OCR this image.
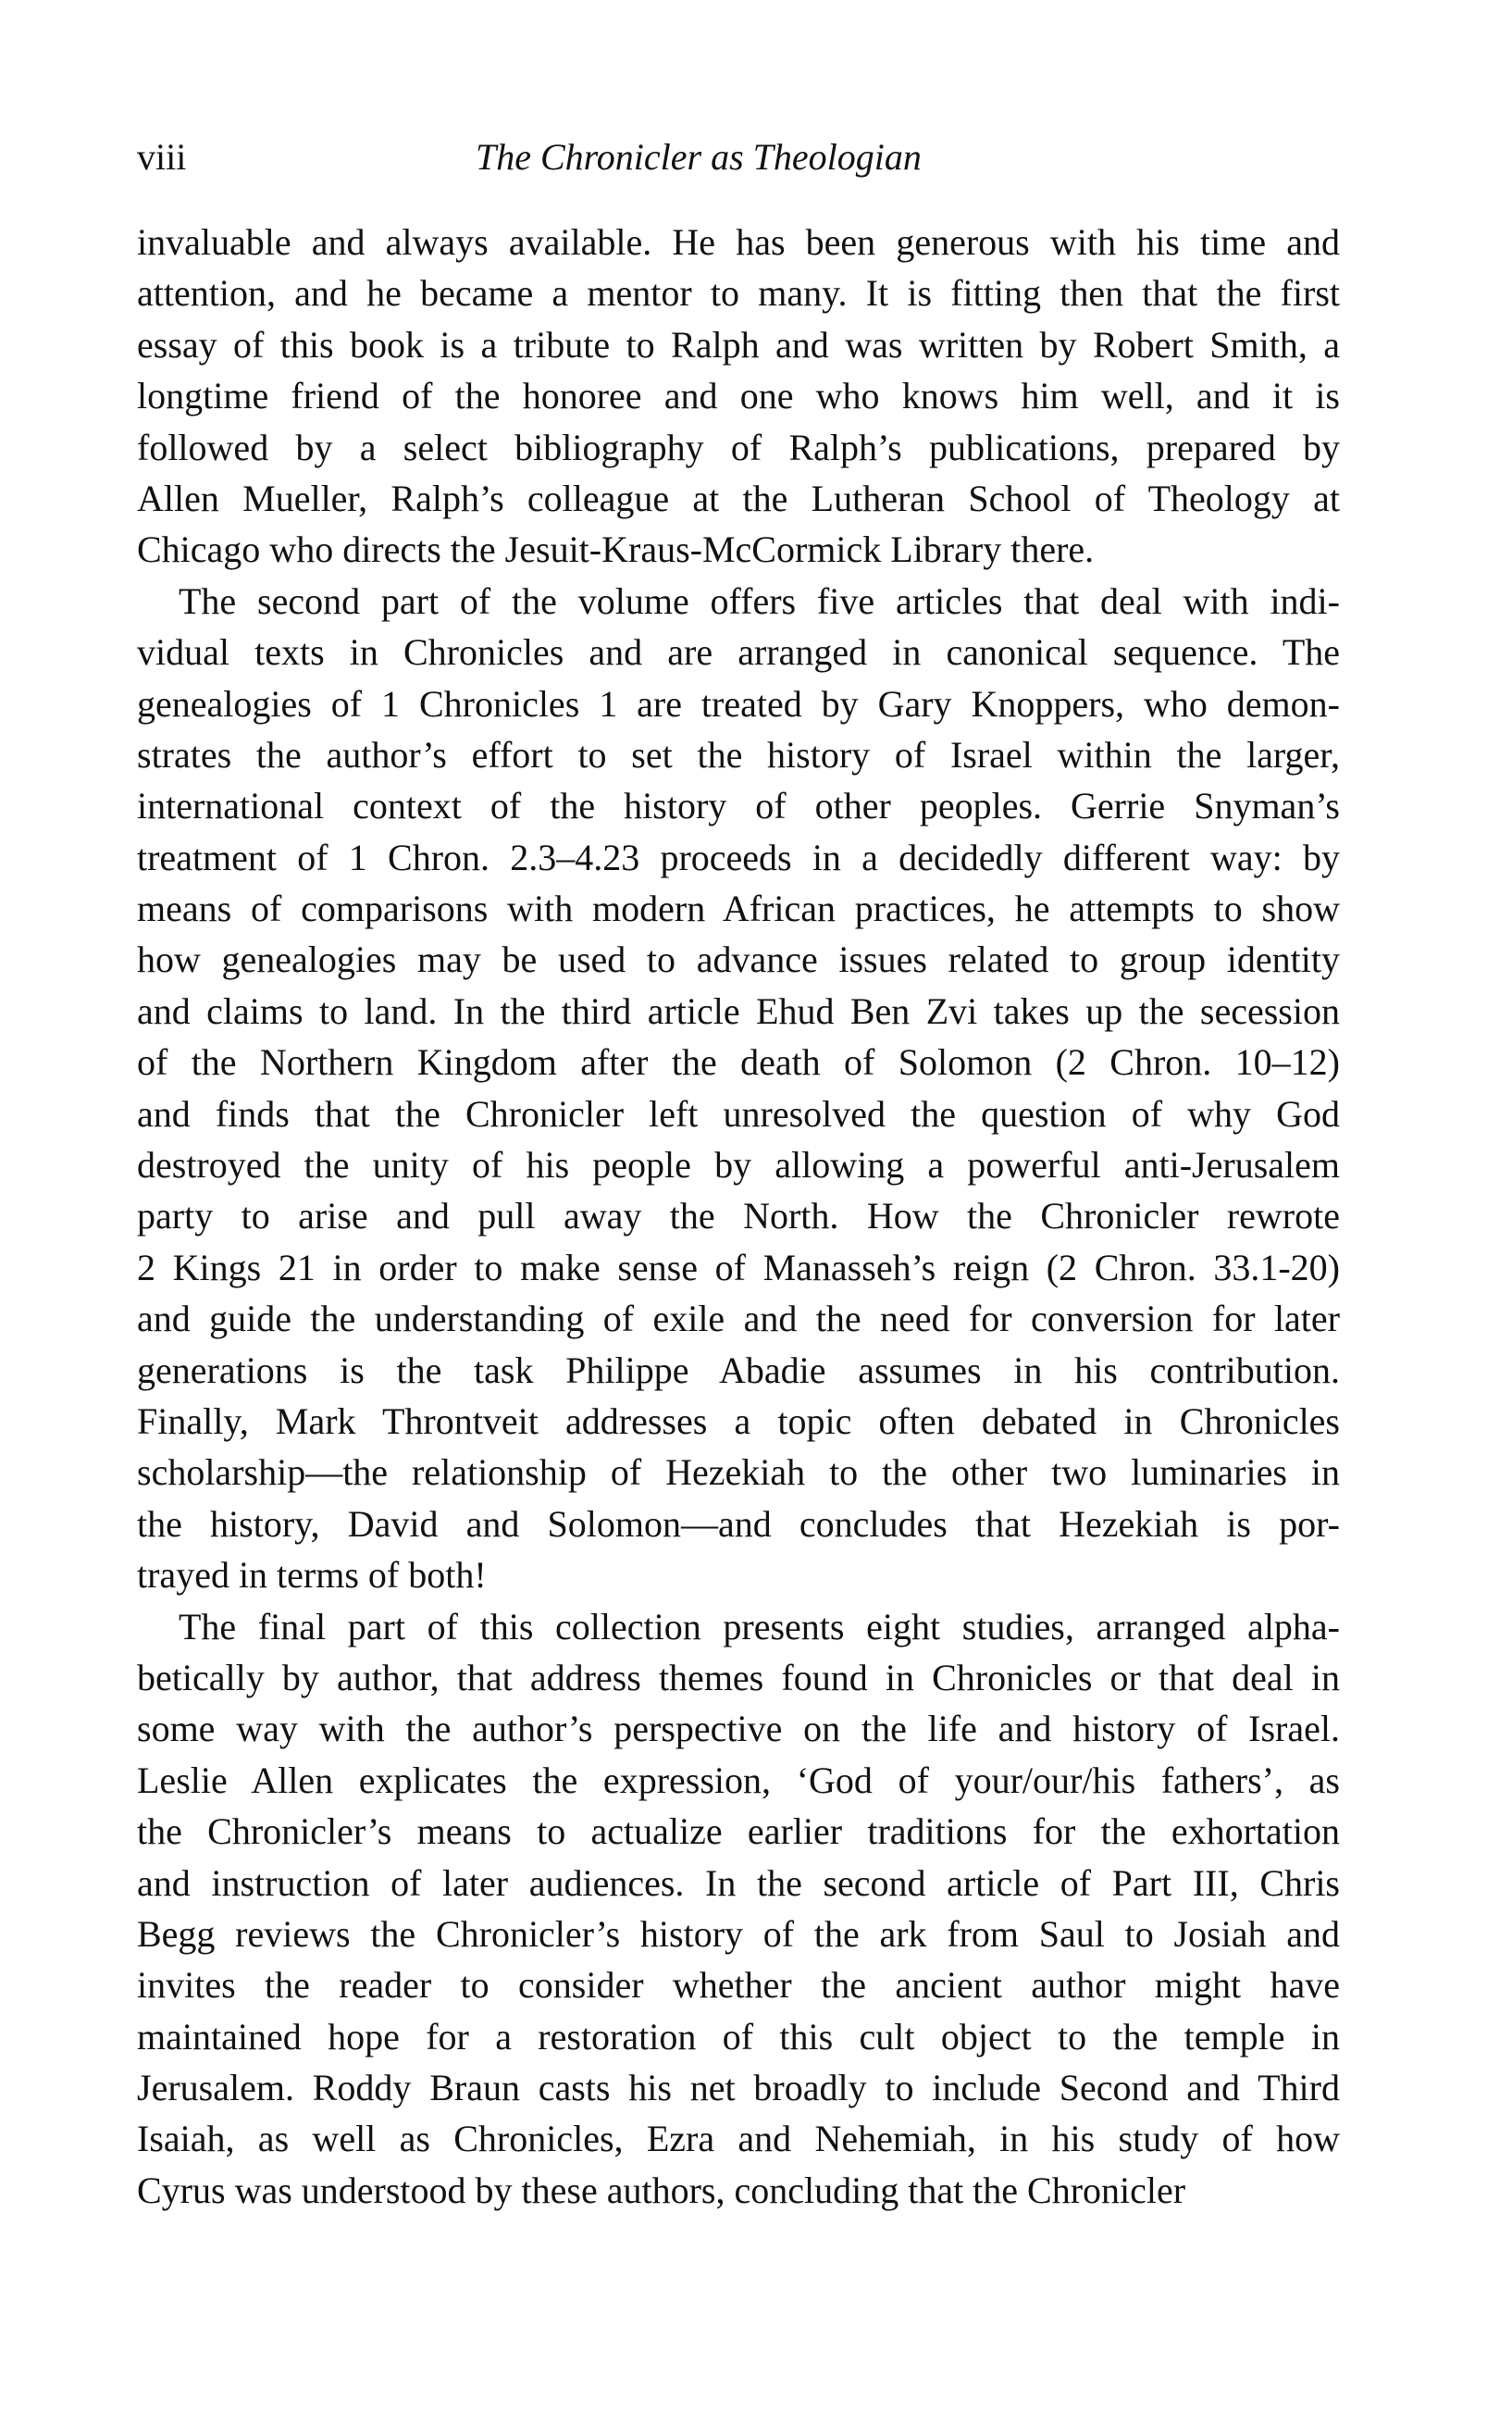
viii	The Chronicler as Theologian
invaluable and always available. He has been generous with his time and
attention, and he became a mentor to many. It is fitting then that the first
essay of this book is a tribute to Ralph and was written by Robert Smith, a
longtime friend of the honoree and one who knows him well, and it is
followed by a select bibliography of Ralph’s publications, prepared by
Allen Mueller, Ralph’s colleague at the Lutheran School of Theology at
Chicago who directs the Jesuit-Kraus-McCormick Library there.
The second part of the volume offers five articles that deal with indi-
vidual texts in Chronicles and are arranged in canonical sequence. The
genealogies of 1 Chronicles 1 are treated by Gary Knoppers, who demon-
strates the author’s effort to set the history of Israel within the larger,
international context of the history of other peoples. Gerrie Snyman’s
treatment of 1 Chron. 2.3–4.23 proceeds in a decidedly different way: by
means of comparisons with modern African practices, he attempts to show
how genealogies may be used to advance issues related to group identity
and claims to land. In the third article Ehud Ben Zvi takes up the secession
of the Northern Kingdom after the death of Solomon (2 Chron. 10–12)
and finds that the Chronicler left unresolved the question of why God
destroyed the unity of his people by allowing a powerful anti-Jerusalem
party to arise and pull away the North. How the Chronicler rewrote
2 Kings 21 in order to make sense of Manasseh’s reign (2 Chron. 33.1-20)
and guide the understanding of exile and the need for conversion for later
generations is the task Philippe Abadie assumes in his contribution.
Finally, Mark Throntveit addresses a topic often debated in Chronicles
scholarship—the relationship of Hezekiah to the other two luminaries in
the history, David and Solomon—and concludes that Hezekiah is por-
trayed in terms of both!
The final part of this collection presents eight studies, arranged alpha-
betically by author, that address themes found in Chronicles or that deal in
some way with the author’s perspective on the life and history of Israel.
Leslie Allen explicates the expression, ‘God of your/our/his fathers’, as
the Chronicler’s means to actualize earlier traditions for the exhortation
and instruction of later audiences. In the second article of Part III, Chris
Begg reviews the Chronicler’s history of the ark from Saul to Josiah and
invites the reader to consider whether the ancient author might have
maintained hope for a restoration of this cult object to the temple in
Jerusalem. Roddy Braun casts his net broadly to include Second and Third
Isaiah, as well as Chronicles, Ezra and Nehemiah, in his study of how
Cyrus was understood by these authors, concluding that the Chronicler
